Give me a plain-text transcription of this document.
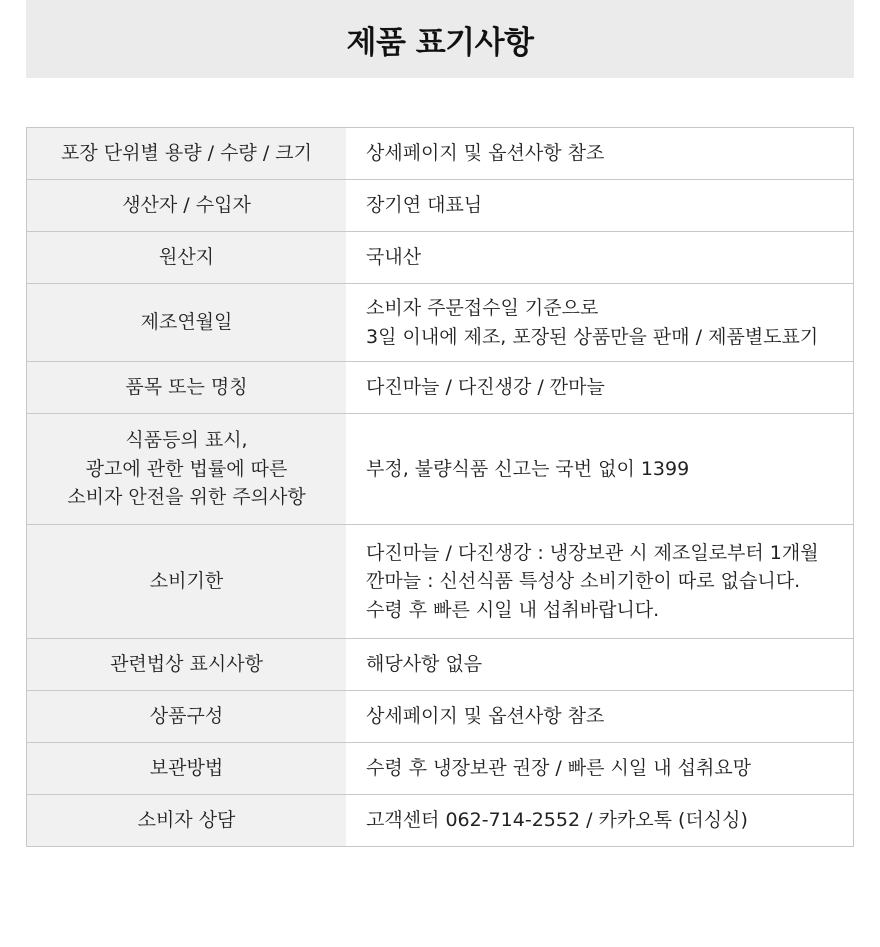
제품 표기사항
포장 단위별 용량 / 수량 / 크기	상세페이지 및 옵션사항 참조

생산자 / 수입자	장기연 대표님

원산지	국내산

제조연월일	소비자 주문접수일 기준으로
3일 이내에 제조, 포장된 상품만을 판매 / 제품별도표기

품목 또는 명칭	다진마늘 / 다진생강 / 깐마늘

식품등의 표시,
광고에 관한 법률에 따른
소비자 안전을 위한 주의사항	부정, 불량식품 신고는 국번 없이 1399

소비기한	다진마늘 / 다진생강 : 냉장보관 시 제조일로부터 1개월
깐마늘 : 신선식품 특성상 소비기한이 따로 없습니다.
수령 후 빠른 시일 내 섭취바랍니다.

관련법상 표시사항	해당사항 없음

상품구성	상세페이지 및 옵션사항 참조

보관방법	수령 후 냉장보관 권장 / 빠른 시일 내 섭취요망

소비자 상담	고객센터 062-714-2552 / 카카오톡 (더싱싱)
